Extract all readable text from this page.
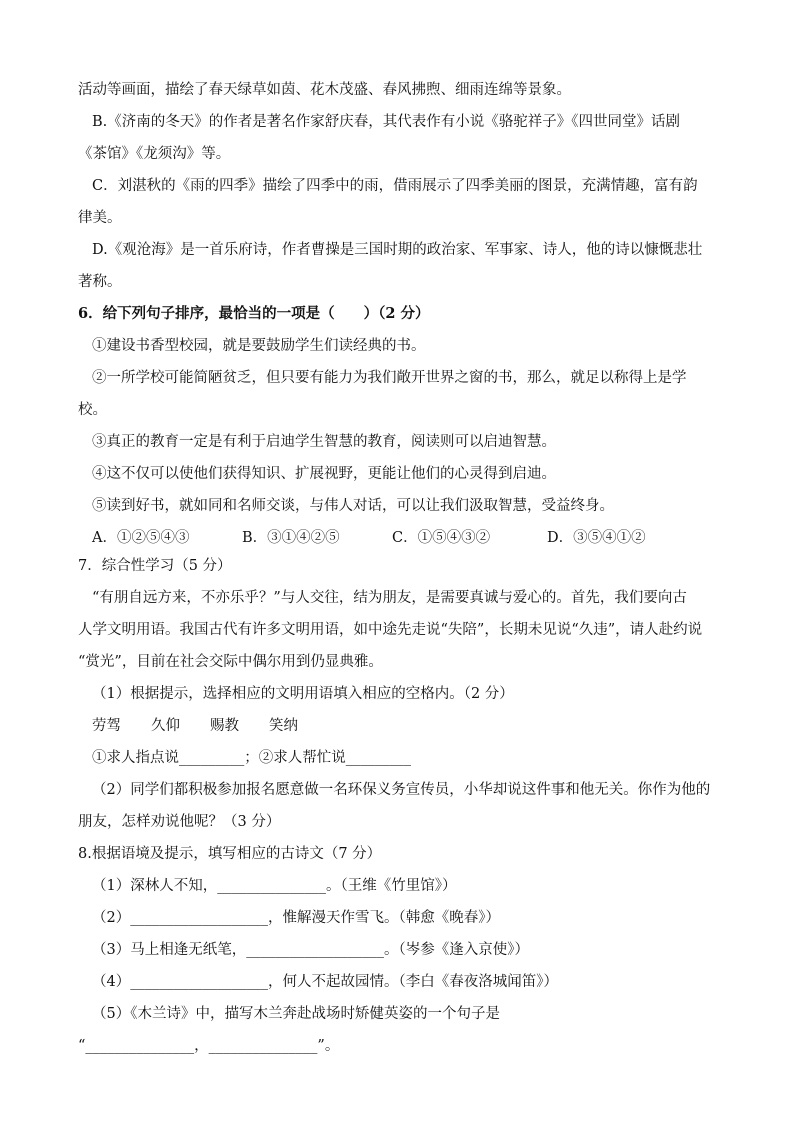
活动等画面，描绘了春天绿草如茵、花木茂盛、春风拂煦、细雨连绵等景象。
B.《济南的冬天》的作者是著名作家舒庆春，其代表作有小说《骆驼祥子》《四世同堂》话剧
《茶馆》《龙须沟》等。
C．刘湛秋的《雨的四季》描绘了四季中的雨，借雨展示了四季美丽的图景，充满情趣，富有韵
律美。
D.《观沧海》是一首乐府诗，作者曹操是三国时期的政治家、军事家、诗人，他的诗以慷慨悲壮
著称。
6．给下列句子排序，最恰当的一项是（　　）（2 分）
①建设书香型校园，就是要鼓励学生们读经典的书。
②一所学校可能简陋贫乏，但只要有能力为我们敞开世界之窗的书，那么，就足以称得上是学
校。
③真正的教育一定是有利于启迪学生智慧的教育，阅读则可以启迪智慧。
④这不仅可以使他们获得知识、扩展视野，更能让他们的心灵得到启迪。
⑤读到好书，就如同和名师交谈，与伟人对话，可以让我们汲取智慧，受益终身。
A．①②⑤④③	B．③①④②⑤	C．①⑤④③②	D．③⑤④①②
7．综合性学习（5 分）
“有朋自远方来，不亦乐乎？”与人交往，结为朋友，是需要真诚与爱心的。首先，我们要向古
人学文明用语。我国古代有许多文明用语，如中途先走说“失陪”，长期未见说“久违”，请人赴约说
“赏光”，目前在社会交际中偶尔用到仍显典雅。
（1）根据提示，选择相应的文明用语填入相应的空格内。（2 分）
劳驾 久仰 赐教 笑纳
①求人指点说_________；②求人帮忙说_________
（2）同学们都积极参加报名愿意做一名环保义务宣传员，小华却说这件事和他无关。你作为他的
朋友，怎样劝说他呢？（3 分）
8.根据语境及提示，填写相应的古诗文（7 分）
（1）深林人不知，_______________。（王维《竹里馆》）
（2）___________________，惟解漫天作雪飞。（韩愈《晚春》）
（3）马上相逢无纸笔，___________________。（岑参《逢入京使》）
（4）___________________，何人不起故园情。（李白《春夜洛城闻笛》）
（5）《木兰诗》中，描写木兰奔赴战场时矫健英姿的一个句子是
“_______________，_______________”。
